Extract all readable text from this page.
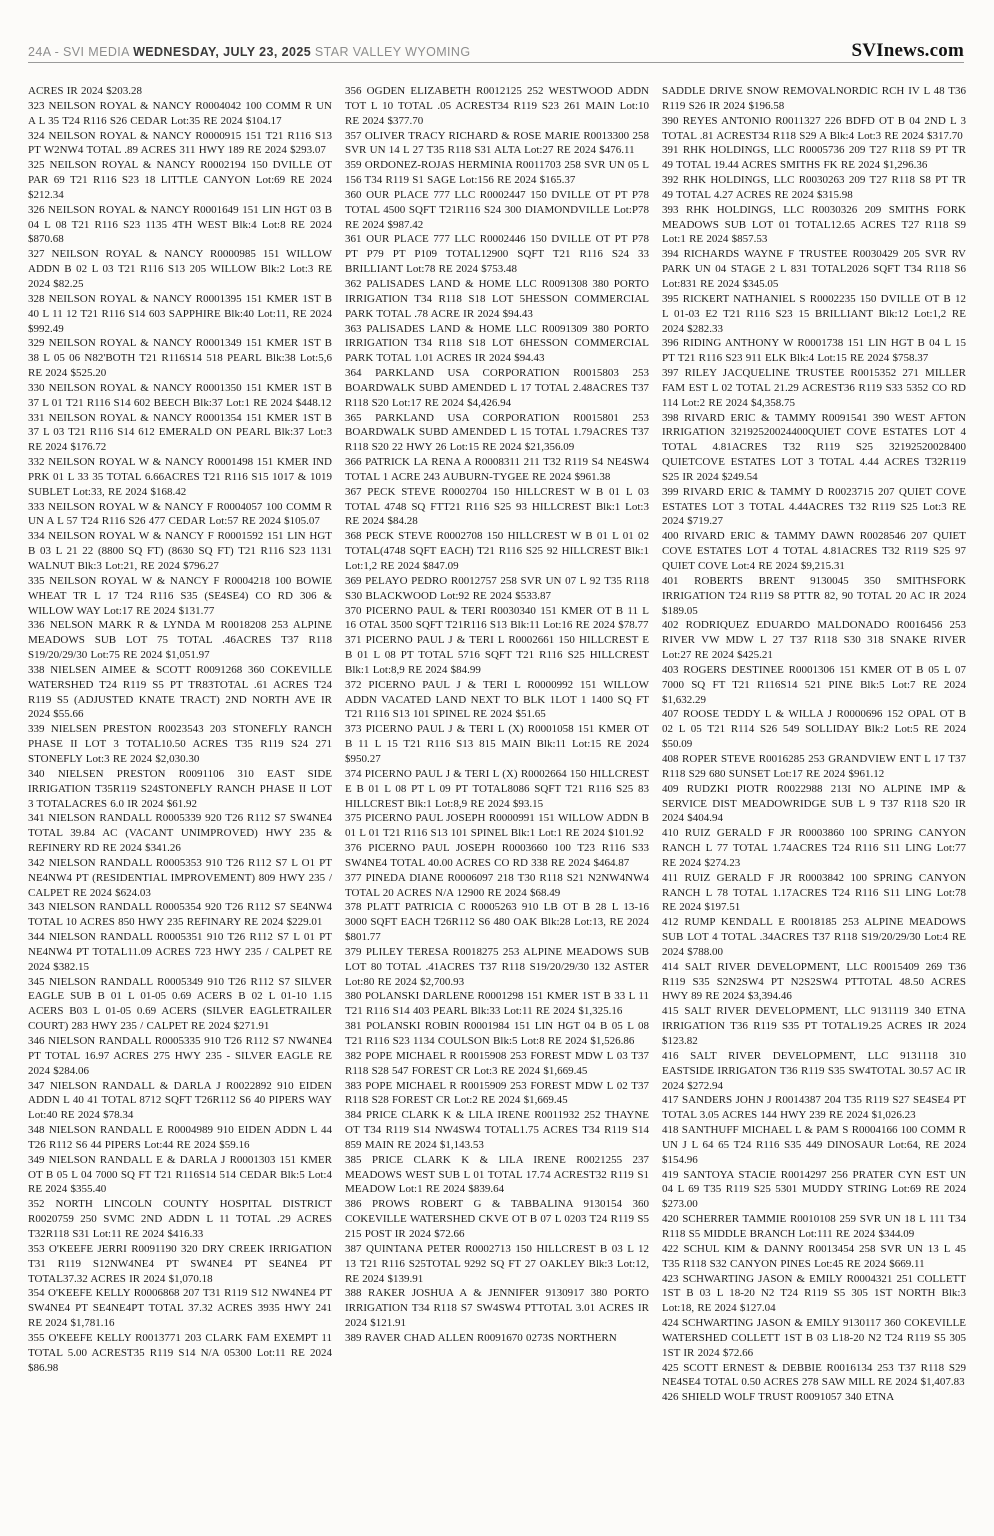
24A - SVI MEDIA WEDNESDAY, JULY 23, 2025 STAR VALLEY WYOMING	SVInews.com

ACRES IR 2024 $203.28

323 NEILSON ROYAL & NANCY R0004042 100 COMM R UN A L 35 T24 R116 S26 CEDAR Lot:35 RE 2024 $104.17

324 NEILSON ROYAL & NANCY R0000915 151 T21 R116 S13 PT W2NW4 TOTAL .89 ACRES 311 HWY 189 RE 2024 $293.07

325 NEILSON ROYAL & NANCY R0002194 150 DVILLE OT PAR 69 T21 R116 S23 18 LITTLE CANYON Lot:69 RE 2024 $212.34

326 NEILSON ROYAL & NANCY R0001649 151 LIN HGT 03 B 04 L 08 T21 R116 S23 1135 4TH WEST Blk:4 Lot:8 RE 2024 $870.68

327 NEILSON ROYAL & NANCY R0000985 151 WILLOW ADDN B 02 L 03 T21 R116 S13 205 WILLOW Blk:2 Lot:3 RE 2024 $82.25

328 NEILSON ROYAL & NANCY R0001395 151 KMER 1ST B 40 L 11 12 T21 R116 S14 603 SAPPHIRE Blk:40 Lot:11, RE 2024 $992.49

329 NEILSON ROYAL & NANCY R0001349 151 KMER 1ST B 38 L 05 06 N82'BOTH T21 R116S14 518 PEARL Blk:38 Lot:5,6 RE 2024 $525.20

330 NEILSON ROYAL & NANCY R0001350 151 KMER 1ST B 37 L 01 T21 R116 S14 602 BEECH Blk:37 Lot:1 RE 2024 $448.12

331 NEILSON ROYAL & NANCY R0001354 151 KMER 1ST B 37 L 03 T21 R116 S14 612 EMERALD ON PEARL Blk:37 Lot:3 RE 2024 $176.72

332 NEILSON ROYAL W & NANCY R0001498 151 KMER IND PRK 01 L 33 35 TOTAL 6.66ACRES T21 R116 S15 1017 & 1019 SUBLET Lot:33, RE 2024 $168.42

333 NEILSON ROYAL W & NANCY F R0004057 100 COMM R UN A L 57 T24 R116 S26 477 CEDAR Lot:57 RE 2024 $105.07

334 NEILSON ROYAL W & NANCY F R0001592 151 LIN HGT B 03 L 21 22 (8800 SQ FT) (8630 SQ FT) T21 R116 S23 1131 WALNUT Blk:3 Lot:21, RE 2024 $796.27

335 NEILSON ROYAL W & NANCY F R0004218 100 BOWIE WHEAT TR L 17 T24 R116 S35 (SE4SE4) CO RD 306 & WILLOW WAY Lot:17 RE 2024 $131.77

336 NELSON MARK R & LYNDA M R0018208 253 ALPINE MEADOWS SUB LOT 75 TOTAL .46ACRES T37 R118 S19/20/29/30 Lot:75 RE 2024 $1,051.97

338 NIELSEN AIMEE & SCOTT R0091268 360 COKEVILLE WATERSHED T24 R119 S5 PT TR83TOTAL .61 ACRES T24 R119 S5 (ADJUSTED KNATE TRACT) 2ND NORTH AVE IR 2024 $55.66

339 NIELSEN PRESTON R0023543 203 STONEFLY RANCH PHASE II LOT 3 TOTAL10.50 ACRES T35 R119 S24 271 STONEFLY Lot:3 RE 2024 $2,030.30

340 NIELSEN PRESTON R0091106 310 EAST SIDE IRRIGATION T35R119 S24STONEFLY RANCH PHASE II LOT 3 TOTALACRES 6.0 IR 2024 $61.92

341 NIELSON RANDALL R0005339 920 T26 R112 S7 SW4NE4 TOTAL 39.84 AC (VACANT UNIMPROVED) HWY 235 & REFINERY RD RE 2024 $341.26

342 NIELSON RANDALL R0005353 910 T26 R112 S7 L O1 PT NE4NW4 PT (RESIDENTIAL IMPROVEMENT) 809 HWY 235 / CALPET RE 2024 $624.03

343 NIELSON RANDALL R0005354 920 T26 R112 S7 SE4NW4 TOTAL 10 ACRES 850 HWY 235 REFINARY RE 2024 $229.01

344 NIELSON RANDALL R0005351 910 T26 R112 S7 L 01 PT NE4NW4 PT TOTAL11.09 ACRES 723 HWY 235 / CALPET RE 2024 $382.15

345 NIELSON RANDALL R0005349 910 T26 R112 S7 SILVER EAGLE SUB B 01 L 01-05 0.69 ACERS B 02 L 01-10 1.15 ACERS B03 L 01-05 0.69 ACERS (SILVER EAGLETRAILER COURT) 283 HWY 235 / CALPET RE 2024 $271.91

346 NIELSON RANDALL R0005335 910 T26 R112 S7 NW4NE4 PT TOTAL 16.97 ACRES 275 HWY 235 - SILVER EAGLE RE 2024 $284.06

347 NIELSON RANDALL & DARLA J R0022892 910 EIDEN ADDN L 40 41 TOTAL 8712 SQFT T26R112 S6 40 PIPERS WAY Lot:40 RE 2024 $78.34

348 NIELSON RANDALL E R0004989 910 EIDEN ADDN L 44 T26 R112 S6 44 PIPERS Lot:44 RE 2024 $59.16

349 NIELSON RANDALL E & DARLA J R0001303 151 KMER OT B 05 L 04 7000 SQ FT T21 R116S14 514 CEDAR Blk:5 Lot:4 RE 2024 $355.40

352 NORTH LINCOLN COUNTY HOSPITAL DISTRICT R0020759 250 SVMC 2ND ADDN L 11 TOTAL .29 ACRES T32R118 S31 Lot:11 RE 2024 $416.33

353 O'KEEFE JERRI R0091190 320 DRY CREEK IRRIGATION T31 R119 S12NW4NE4 PT SW4NE4 PT SE4NE4 PT TOTAL37.32 ACRES IR 2024 $1,070.18

354 O'KEEFE KELLY R0006868 207 T31 R119 S12 NW4NE4 PT SW4NE4 PT SE4NE4PT TOTAL 37.32 ACRES 3935 HWY 241 RE 2024 $1,781.16

355 O'KEEFE KELLY R0013771 203 CLARK FAM EXEMPT 11 TOTAL 5.00 ACREST35 R119 S14 N/A 05300 Lot:11 RE 2024 $86.98

356 OGDEN ELIZABETH R0012125 252 WESTWOOD ADDN TOT L 10 TOTAL .05 ACREST34 R119 S23 261 MAIN Lot:10 RE 2024 $377.70

357 OLIVER TRACY RICHARD & ROSE MARIE R0013300 258 SVR UN 14 L 27 T35 R118 S31 ALTA Lot:27 RE 2024 $476.11

359 ORDONEZ-ROJAS HERMINIA R0011703 258 SVR UN 05 L 156 T34 R119 S1 SAGE Lot:156 RE 2024 $165.37

360 OUR PLACE 777 LLC R0002447 150 DVILLE OT PT P78 TOTAL 4500 SQFT T21R116 S24 300 DIAMONDVILLE Lot:P78 RE 2024 $987.42

361 OUR PLACE 777 LLC R0002446 150 DVILLE OT PT P78 PT P79 PT P109 TOTAL12900 SQFT T21 R116 S24 33 BRILLIANT Lot:78 RE 2024 $753.48

362 PALISADES LAND & HOME LLC R0091308 380 PORTO IRRIGATION T34 R118 S18 LOT 5HESSON COMMERCIAL PARK TOTAL .78 ACRE IR 2024 $94.43

363 PALISADES LAND & HOME LLC R0091309 380 PORTO IRRIGATION T34 R118 S18 LOT 6HESSON COMMERCIAL PARK TOTAL 1.01 ACRES IR 2024 $94.43

364 PARKLAND USA CORPORATION R0015803 253 BOARDWALK SUBD AMENDED L 17 TOTAL 2.48ACRES T37 R118 S20 Lot:17 RE 2024 $4,426.94

365 PARKLAND USA CORPORATION R0015801 253 BOARDWALK SUBD AMENDED L 15 TOTAL 1.79ACRES T37 R118 S20 22 HWY 26 Lot:15 RE 2024 $21,356.09

366 PATRICK LA RENA A R0008311 211 T32 R119 S4 NE4SW4 TOTAL 1 ACRE 243 AUBURN-TYGEE RE 2024 $961.38

367 PECK STEVE R0002704 150 HILLCREST W B 01 L 03 TOTAL 4748 SQ FTT21 R116 S25 93 HILLCREST Blk:1 Lot:3 RE 2024 $84.28

368 PECK STEVE R0002708 150 HILLCREST W B 01 L 01 02 TOTAL(4748 SQFT EACH) T21 R116 S25 92 HILLCREST Blk:1 Lot:1,2 RE 2024 $847.09

369 PELAYO PEDRO R0012757 258 SVR UN 07 L 92 T35 R118 S30 BLACKWOOD Lot:92 RE 2024 $533.87

370 PICERNO PAUL & TERI R0030340 151 KMER OT B 11 L 16 OTAL 3500 SQFT T21R116 S13 Blk:11 Lot:16 RE 2024 $78.77

371 PICERNO PAUL J & TERI L R0002661 150 HILLCREST E B 01 L 08 PT TOTAL 5716 SQFT T21 R116 S25 HILLCREST Blk:1 Lot:8,9 RE 2024 $84.99

372 PICERNO PAUL J & TERI L R0000992 151 WILLOW ADDN VACATED LAND NEXT TO BLK 1LOT 1 1400 SQ FT T21 R116 S13 101 SPINEL RE 2024 $51.65

373 PICERNO PAUL J & TERI L (X) R0001058 151 KMER OT B 11 L 15 T21 R116 S13 815 MAIN Blk:11 Lot:15 RE 2024 $950.27

374 PICERNO PAUL J & TERI L (X) R0002664 150 HILLCREST E B 01 L 08 PT L 09 PT TOTAL8086 SQFT T21 R116 S25 83 HILLCREST Blk:1 Lot:8,9 RE 2024 $93.15

375 PICERNO PAUL JOSEPH R0000991 151 WILLOW ADDN B 01 L 01 T21 R116 S13 101 SPINEL Blk:1 Lot:1 RE 2024 $101.92

376 PICERNO PAUL JOSEPH R0003660 100 T23 R116 S33 SW4NE4 TOTAL 40.00 ACRES CO RD 338 RE 2024 $464.87

377 PINEDA DIANE R0006097 218 T30 R118 S21 N2NW4NW4 TOTAL 20 ACRES N/A 12900 RE 2024 $68.49

378 PLATT PATRICIA C R0005263 910 LB OT B 28 L 13-16 3000 SQFT EACH T26R112 S6 480 OAK Blk:28 Lot:13, RE 2024 $801.77

379 PLILEY TERESA R0018275 253 ALPINE MEADOWS SUB LOT 80 TOTAL .41ACRES T37 R118 S19/20/29/30 132 ASTER Lot:80 RE 2024 $2,700.93

380 POLANSKI DARLENE R0001298 151 KMER 1ST B 33 L 11 T21 R116 S14 403 PEARL Blk:33 Lot:11 RE 2024 $1,325.16

381 POLANSKI ROBIN R0001984 151 LIN HGT 04 B 05 L 08 T21 R116 S23 1134 COULSON Blk:5 Lot:8 RE 2024 $1,526.86

382 POPE MICHAEL R R0015908 253 FOREST MDW L 03 T37 R118 S28 547 FOREST CR Lot:3 RE 2024 $1,669.45

383 POPE MICHAEL R R0015909 253 FOREST MDW L 02 T37 R118 S28 FOREST CR Lot:2 RE 2024 $1,669.45

384 PRICE CLARK K & LILA IRENE R0011932 252 THAYNE OT T34 R119 S14 NW4SW4 TOTAL1.75 ACRES T34 R119 S14 859 MAIN RE 2024 $1,143.53

385 PRICE CLARK K & LILA IRENE R0021255 237 MEADOWS WEST SUB L 01 TOTAL 17.74 ACREST32 R119 S1 MEADOW Lot:1 RE 2024 $839.64

386 PROWS ROBERT G & TABBALINA 9130154 360 COKEVILLE WATERSHED CKVE OT B 07 L 0203 T24 R119 S5 215 POST IR 2024 $72.66

387 QUINTANA PETER R0002713 150 HILLCREST B 03 L 12 13 T21 R116 S25TOTAL 9292 SQ FT 27 OAKLEY Blk:3 Lot:12, RE 2024 $139.91

388 RAKER JOSHUA A & JENNIFER 9130917 380 PORTO IRRIGATION T34 R118 S7 SW4SW4 PTTOTAL 3.01 ACRES IR 2024 $121.91

389 RAVER CHAD ALLEN R0091670 0273S NORTHERN

SADDLE DRIVE SNOW REMOVALNORDIC RCH IV L 48 T36 R119 S26 IR 2024 $196.58

390 REYES ANTONIO R0011327 226 BDFD OT B 04 2ND L 3 TOTAL .81 ACREST34 R118 S29 A Blk:4 Lot:3 RE 2024 $317.70

391 RHK HOLDINGS, LLC R0005736 209 T27 R118 S9 PT TR 49 TOTAL 19.44 ACRES SMITHS FK RE 2024 $1,296.36

392 RHK HOLDINGS, LLC R0030263 209 T27 R118 S8 PT TR 49 TOTAL 4.27 ACRES RE 2024 $315.98

393 RHK HOLDINGS, LLC R0030326 209 SMITHS FORK MEADOWS SUB LOT 01 TOTAL12.65 ACRES T27 R118 S9 Lot:1 RE 2024 $857.53

394 RICHARDS WAYNE F TRUSTEE R0030429 205 SVR RV PARK UN 04 STAGE 2 L 831 TOTAL2026 SQFT T34 R118 S6 Lot:831 RE 2024 $345.05

395 RICKERT NATHANIEL S R0002235 150 DVILLE OT B 12 L 01-03 E2 T21 R116 S23 15 BRILLIANT Blk:12 Lot:1,2 RE 2024 $282.33

396 RIDING ANTHONY W R0001738 151 LIN HGT B 04 L 15 PT T21 R116 S23 911 ELK Blk:4 Lot:15 RE 2024 $758.37

397 RILEY JACQUELINE TRUSTEE R0015352 271 MILLER FAM EST L 02 TOTAL 21.29 ACREST36 R119 S33 5352 CO RD 114 Lot:2 RE 2024 $4,358.75

398 RIVARD ERIC & TAMMY R0091541 390 WEST AFTON IRRIGATION 32192520024400QUIET COVE ESTATES LOT 4 TOTAL 4.81ACRES T32 R119 S25 32192520028400 QUIETCOVE ESTATES LOT 3 TOTAL 4.44 ACRES T32R119 S25 IR 2024 $249.54

399 RIVARD ERIC & TAMMY D R0023715 207 QUIET COVE ESTATES LOT 3 TOTAL 4.44ACRES T32 R119 S25 Lot:3 RE 2024 $719.27

400 RIVARD ERIC & TAMMY DAWN R0028546 207 QUIET COVE ESTATES LOT 4 TOTAL 4.81ACRES T32 R119 S25 97 QUIET COVE Lot:4 RE 2024 $9,215.31

401 ROBERTS BRENT 9130045 350 SMITHSFORK IRRIGATION T24 R119 S8 PTTR 82, 90 TOTAL 20 AC IR 2024 $189.05

402 RODRIQUEZ EDUARDO MALDONADO R0016456 253 RIVER VW MDW L 27 T37 R118 S30 318 SNAKE RIVER Lot:27 RE 2024 $425.21

403 ROGERS DESTINEE R0001306 151 KMER OT B 05 L 07 7000 SQ FT T21 R116S14 521 PINE Blk:5 Lot:7 RE 2024 $1,632.29

407 ROOSE TEDDY L & WILLA J R0000696 152 OPAL OT B 02 L 05 T21 R114 S26 549 SOLLIDAY Blk:2 Lot:5 RE 2024 $50.09

408 ROPER STEVE R0016285 253 GRANDVIEW ENT L 17 T37 R118 S29 680 SUNSET Lot:17 RE 2024 $961.12

409 RUDZKI PIOTR R0022988 213I NO ALPINE IMP & SERVICE DIST MEADOWRIDGE SUB L 9 T37 R118 S20 IR 2024 $404.94

410 RUIZ GERALD F JR R0003860 100 SPRING CANYON RANCH L 77 TOTAL 1.74ACRES T24 R116 S11 LING Lot:77 RE 2024 $274.23

411 RUIZ GERALD F JR R0003842 100 SPRING CANYON RANCH L 78 TOTAL 1.17ACRES T24 R116 S11 LING Lot:78 RE 2024 $197.51

412 RUMP KENDALL E R0018185 253 ALPINE MEADOWS SUB LOT 4 TOTAL .34ACRES T37 R118 S19/20/29/30 Lot:4 RE 2024 $788.00

414 SALT RIVER DEVELOPMENT, LLC R0015409 269 T36 R119 S35 S2N2SW4 PT N2S2SW4 PTTOTAL 48.50 ACRES HWY 89 RE 2024 $3,394.46

415 SALT RIVER DEVELOPMENT, LLC 9131119 340 ETNA IRRIGATION T36 R119 S35 PT TOTAL19.25 ACRES IR 2024 $123.82

416 SALT RIVER DEVELOPMENT, LLC 9131118 310 EASTSIDE IRRIGATON T36 R119 S35 SW4TOTAL 30.57 AC IR 2024 $272.94

417 SANDERS JOHN J R0014387 204 T35 R119 S27 SE4SE4 PT TOTAL 3.05 ACRES 144 HWY 239 RE 2024 $1,026.23

418 SANTHUFF MICHAEL L & PAM S R0004166 100 COMM R UN J L 64 65 T24 R116 S35 449 DINOSAUR Lot:64, RE 2024 $154.96

419 SANTOYA STACIE R0014297 256 PRATER CYN EST UN 04 L 69 T35 R119 S25 5301 MUDDY STRING Lot:69 RE 2024 $273.00

420 SCHERRER TAMMIE R0010108 259 SVR UN 18 L 111 T34 R118 S5 MIDDLE BRANCH Lot:111 RE 2024 $344.09

422 SCHUL KIM & DANNY R0013454 258 SVR UN 13 L 45 T35 R118 S32 CANYON PINES Lot:45 RE 2024 $669.11

423 SCHWARTING JASON & EMILY R0004321 251 COLLETT 1ST B 03 L 18-20 N2 T24 R119 S5 305 1ST NORTH Blk:3 Lot:18, RE 2024 $127.04

424 SCHWARTING JASON & EMILY 9130117 360 COKEVILLE WATERSHED COLLETT 1ST B 03 L18-20 N2 T24 R119 S5 305 1ST IR 2024 $72.66

425 SCOTT ERNEST & DEBBIE R0016134 253 T37 R118 S29 NE4SE4 TOTAL 0.50 ACRES 278 SAW MILL RE 2024 $1,407.83

426 SHIELD WOLF TRUST R0091057 340 ETNA
